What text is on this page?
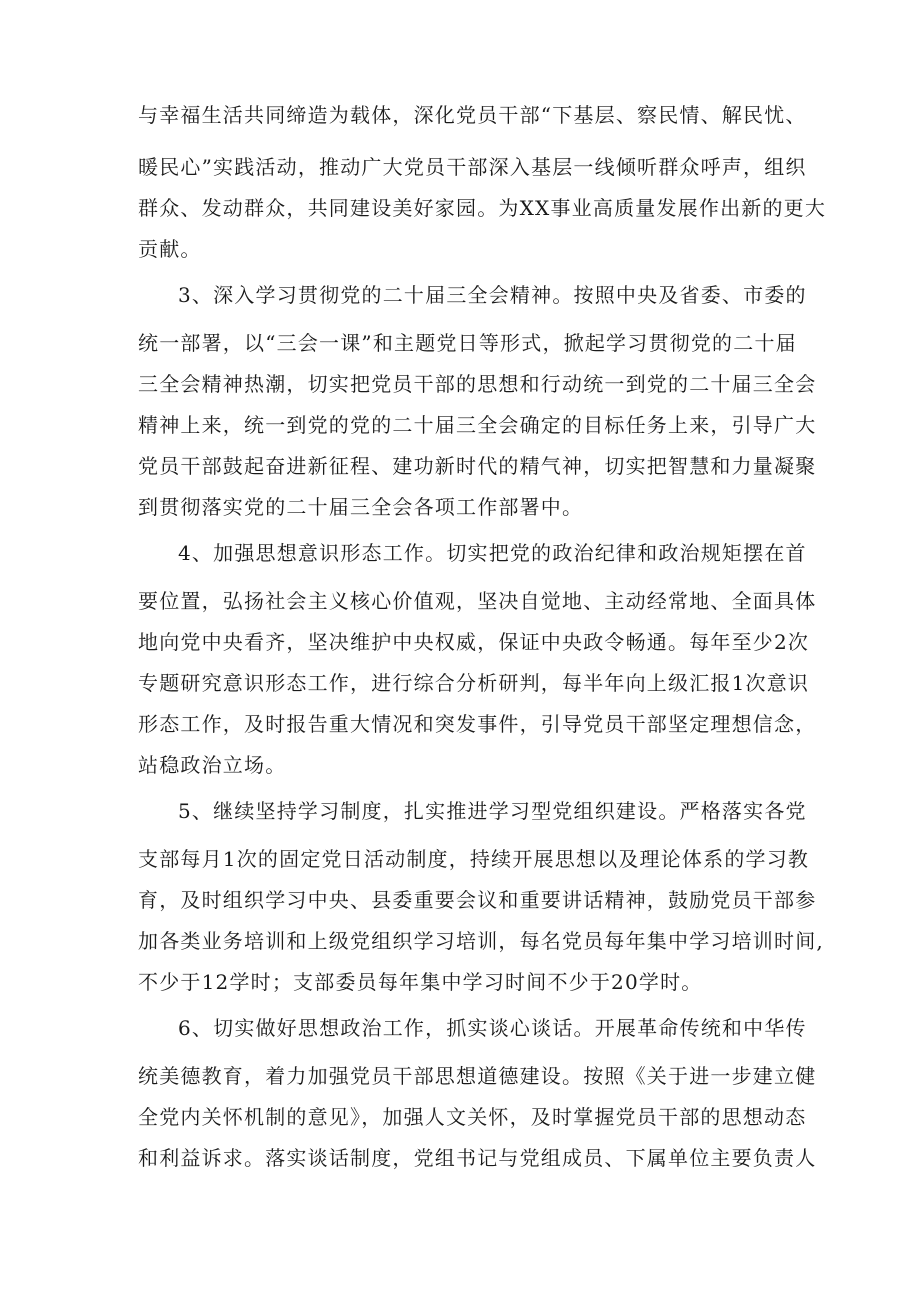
与幸福生活共同缔造为载体，深化党员干部“下基层、察民情、解民忧、
暖民心”实践活动，推动广大党员干部深入基层一线倾听群众呼声，组织
群众、发动群众，共同建设美好家园。为XX事业高质量发展作出新的更大
贡献。
3、深入学习贯彻党的二十届三全会精神。按照中央及省委、市委的
统一部署，以“三会一课”和主题党日等形式，掀起学习贯彻党的二十届
三全会精神热潮，切实把党员干部的思想和行动统一到党的二十届三全会
精神上来，统一到党的党的二十届三全会确定的目标任务上来，引导广大
党员干部鼓起奋进新征程、建功新时代的精气神，切实把智慧和力量凝聚
到贯彻落实党的二十届三全会各项工作部署中。
4、加强思想意识形态工作。切实把党的政治纪律和政治规矩摆在首
要位置，弘扬社会主义核心价值观，坚决自觉地、主动经常地、全面具体
地向党中央看齐，坚决维护中央权威，保证中央政令畅通。每年至少2次
专题研究意识形态工作，进行综合分析研判，每半年向上级汇报1次意识
形态工作，及时报告重大情况和突发事件，引导党员干部坚定理想信念，
站稳政治立场。
5、继续坚持学习制度，扎实推进学习型党组织建设。严格落实各党
支部每月1次的固定党日活动制度，持续开展思想以及理论体系的学习教
育，及时组织学习中央、县委重要会议和重要讲话精神，鼓励党员干部参
加各类业务培训和上级党组织学习培训，每名党员每年集中学习培训时间,
不少于12学时；支部委员每年集中学习时间不少于20学时。
6、切实做好思想政治工作，抓实谈心谈话。开展革命传统和中华传
统美德教育，着力加强党员干部思想道德建设。按照《关于进一步建立健
全党内关怀机制的意见》，加强人文关怀，及时掌握党员干部的思想动态
和利益诉求。落实谈话制度，党组书记与党组成员、下属单位主要负责人
